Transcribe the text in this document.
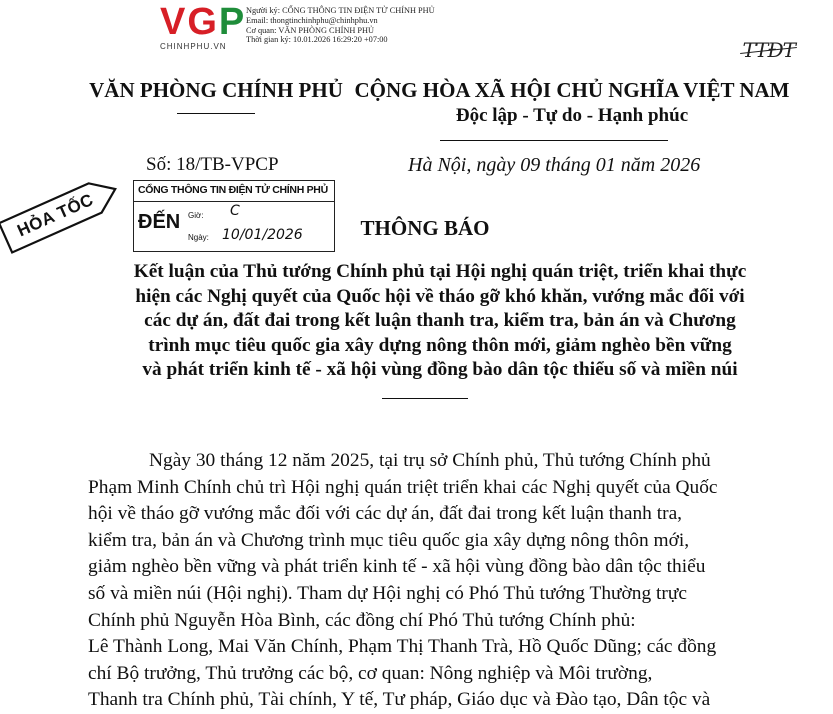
VGP
CHINHPHU.VN
Người ký: CỔNG THÔNG TIN ĐIỆN TỬ CHÍNH PHỦ
Email: thongtinchinhphu@chinhphu.vn
Cơ quan: VĂN PHÒNG CHÍNH PHỦ
Thời gian ký: 10.01.2026 16:29:20 +07:00	TTĐT
VĂN PHÒNG CHÍNH PHỦ CỘNG HÒA XÃ HỘI CHỦ NGHĨA VIỆT NAM
Độc lập - Tự do - Hạnh phúc
Số: 18/TB-VPCP	Hà Nội, ngày 09 tháng 01 năm 2026
CỔNG THÔNG TIN ĐIỆN TỬ CHÍNH PHỦ
ĐẾN Giờ: C
Ngày: 10/01/2026
HỎA TỐC	THÔNG BÁO
Kết luận của Thủ tướng Chính phủ tại Hội nghị quán triệt, triển khai thực
hiện các Nghị quyết của Quốc hội về tháo gỡ khó khăn, vướng mắc đối với
các dự án, đất đai trong kết luận thanh tra, kiểm tra, bản án và Chương
trình mục tiêu quốc gia xây dựng nông thôn mới, giảm nghèo bền vững
và phát triển kinh tế - xã hội vùng đồng bào dân tộc thiểu số và miền núi
Ngày 30 tháng 12 năm 2025, tại trụ sở Chính phủ, Thủ tướng Chính phủ
Phạm Minh Chính chủ trì Hội nghị quán triệt triển khai các Nghị quyết của Quốc
hội về tháo gỡ vướng mắc đối với các dự án, đất đai trong kết luận thanh tra,
kiểm tra, bản án và Chương trình mục tiêu quốc gia xây dựng nông thôn mới,
giảm nghèo bền vững và phát triển kinh tế - xã hội vùng đồng bào dân tộc thiểu
số và miền núi (Hội nghị). Tham dự Hội nghị có Phó Thủ tướng Thường trực
Chính phủ Nguyễn Hòa Bình, các đồng chí Phó Thủ tướng Chính phủ:
Lê Thành Long, Mai Văn Chính, Phạm Thị Thanh Trà, Hồ Quốc Dũng; các đồng
chí Bộ trưởng, Thủ trưởng các bộ, cơ quan: Nông nghiệp và Môi trường,
Thanh tra Chính phủ, Tài chính, Y tế, Tư pháp, Giáo dục và Đào tạo, Dân tộc và
